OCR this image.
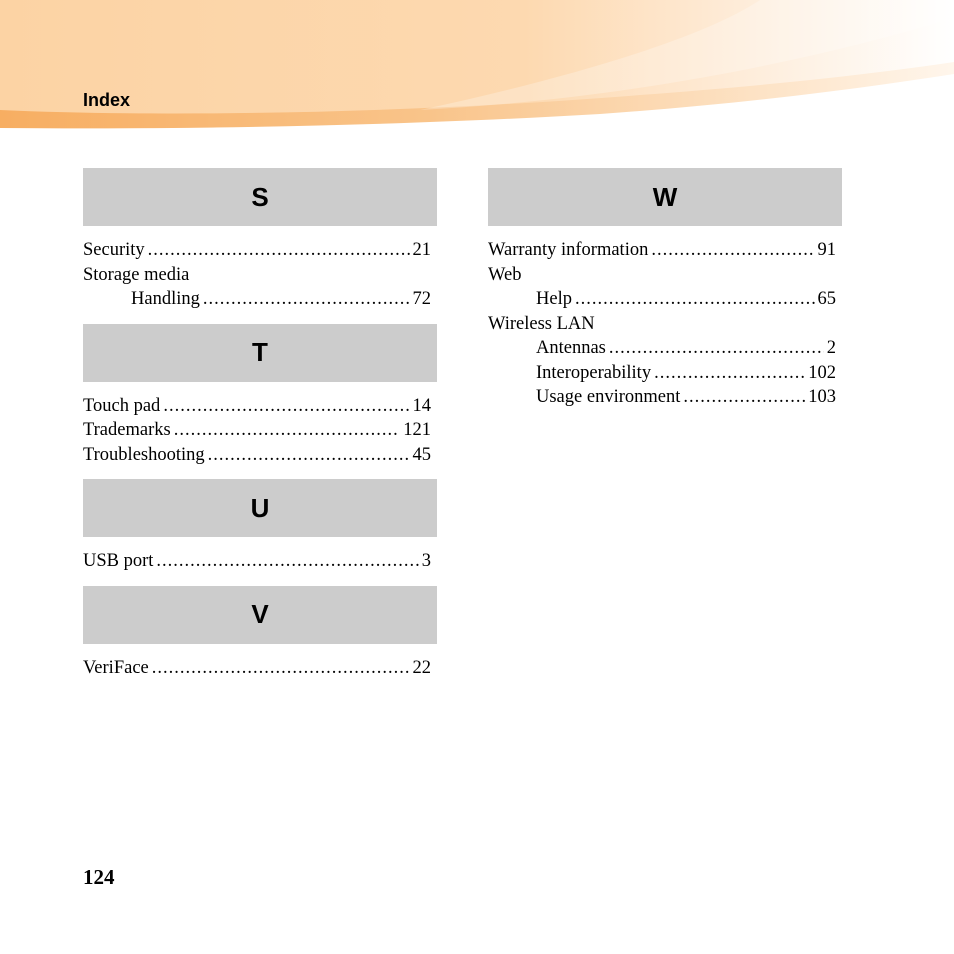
Index
S
Security .....	21
Storage media
Handling .....	72
T
Touch pad .....	14
Trademarks .....	121
Troubleshooting .....	45
U
USB port .....	3
V
VeriFace .....	22
W
Warranty information .....	91
Web
Help .....	65
Wireless LAN
Antennas .....	2
Interoperability .....	102
Usage environment .....	103
124
